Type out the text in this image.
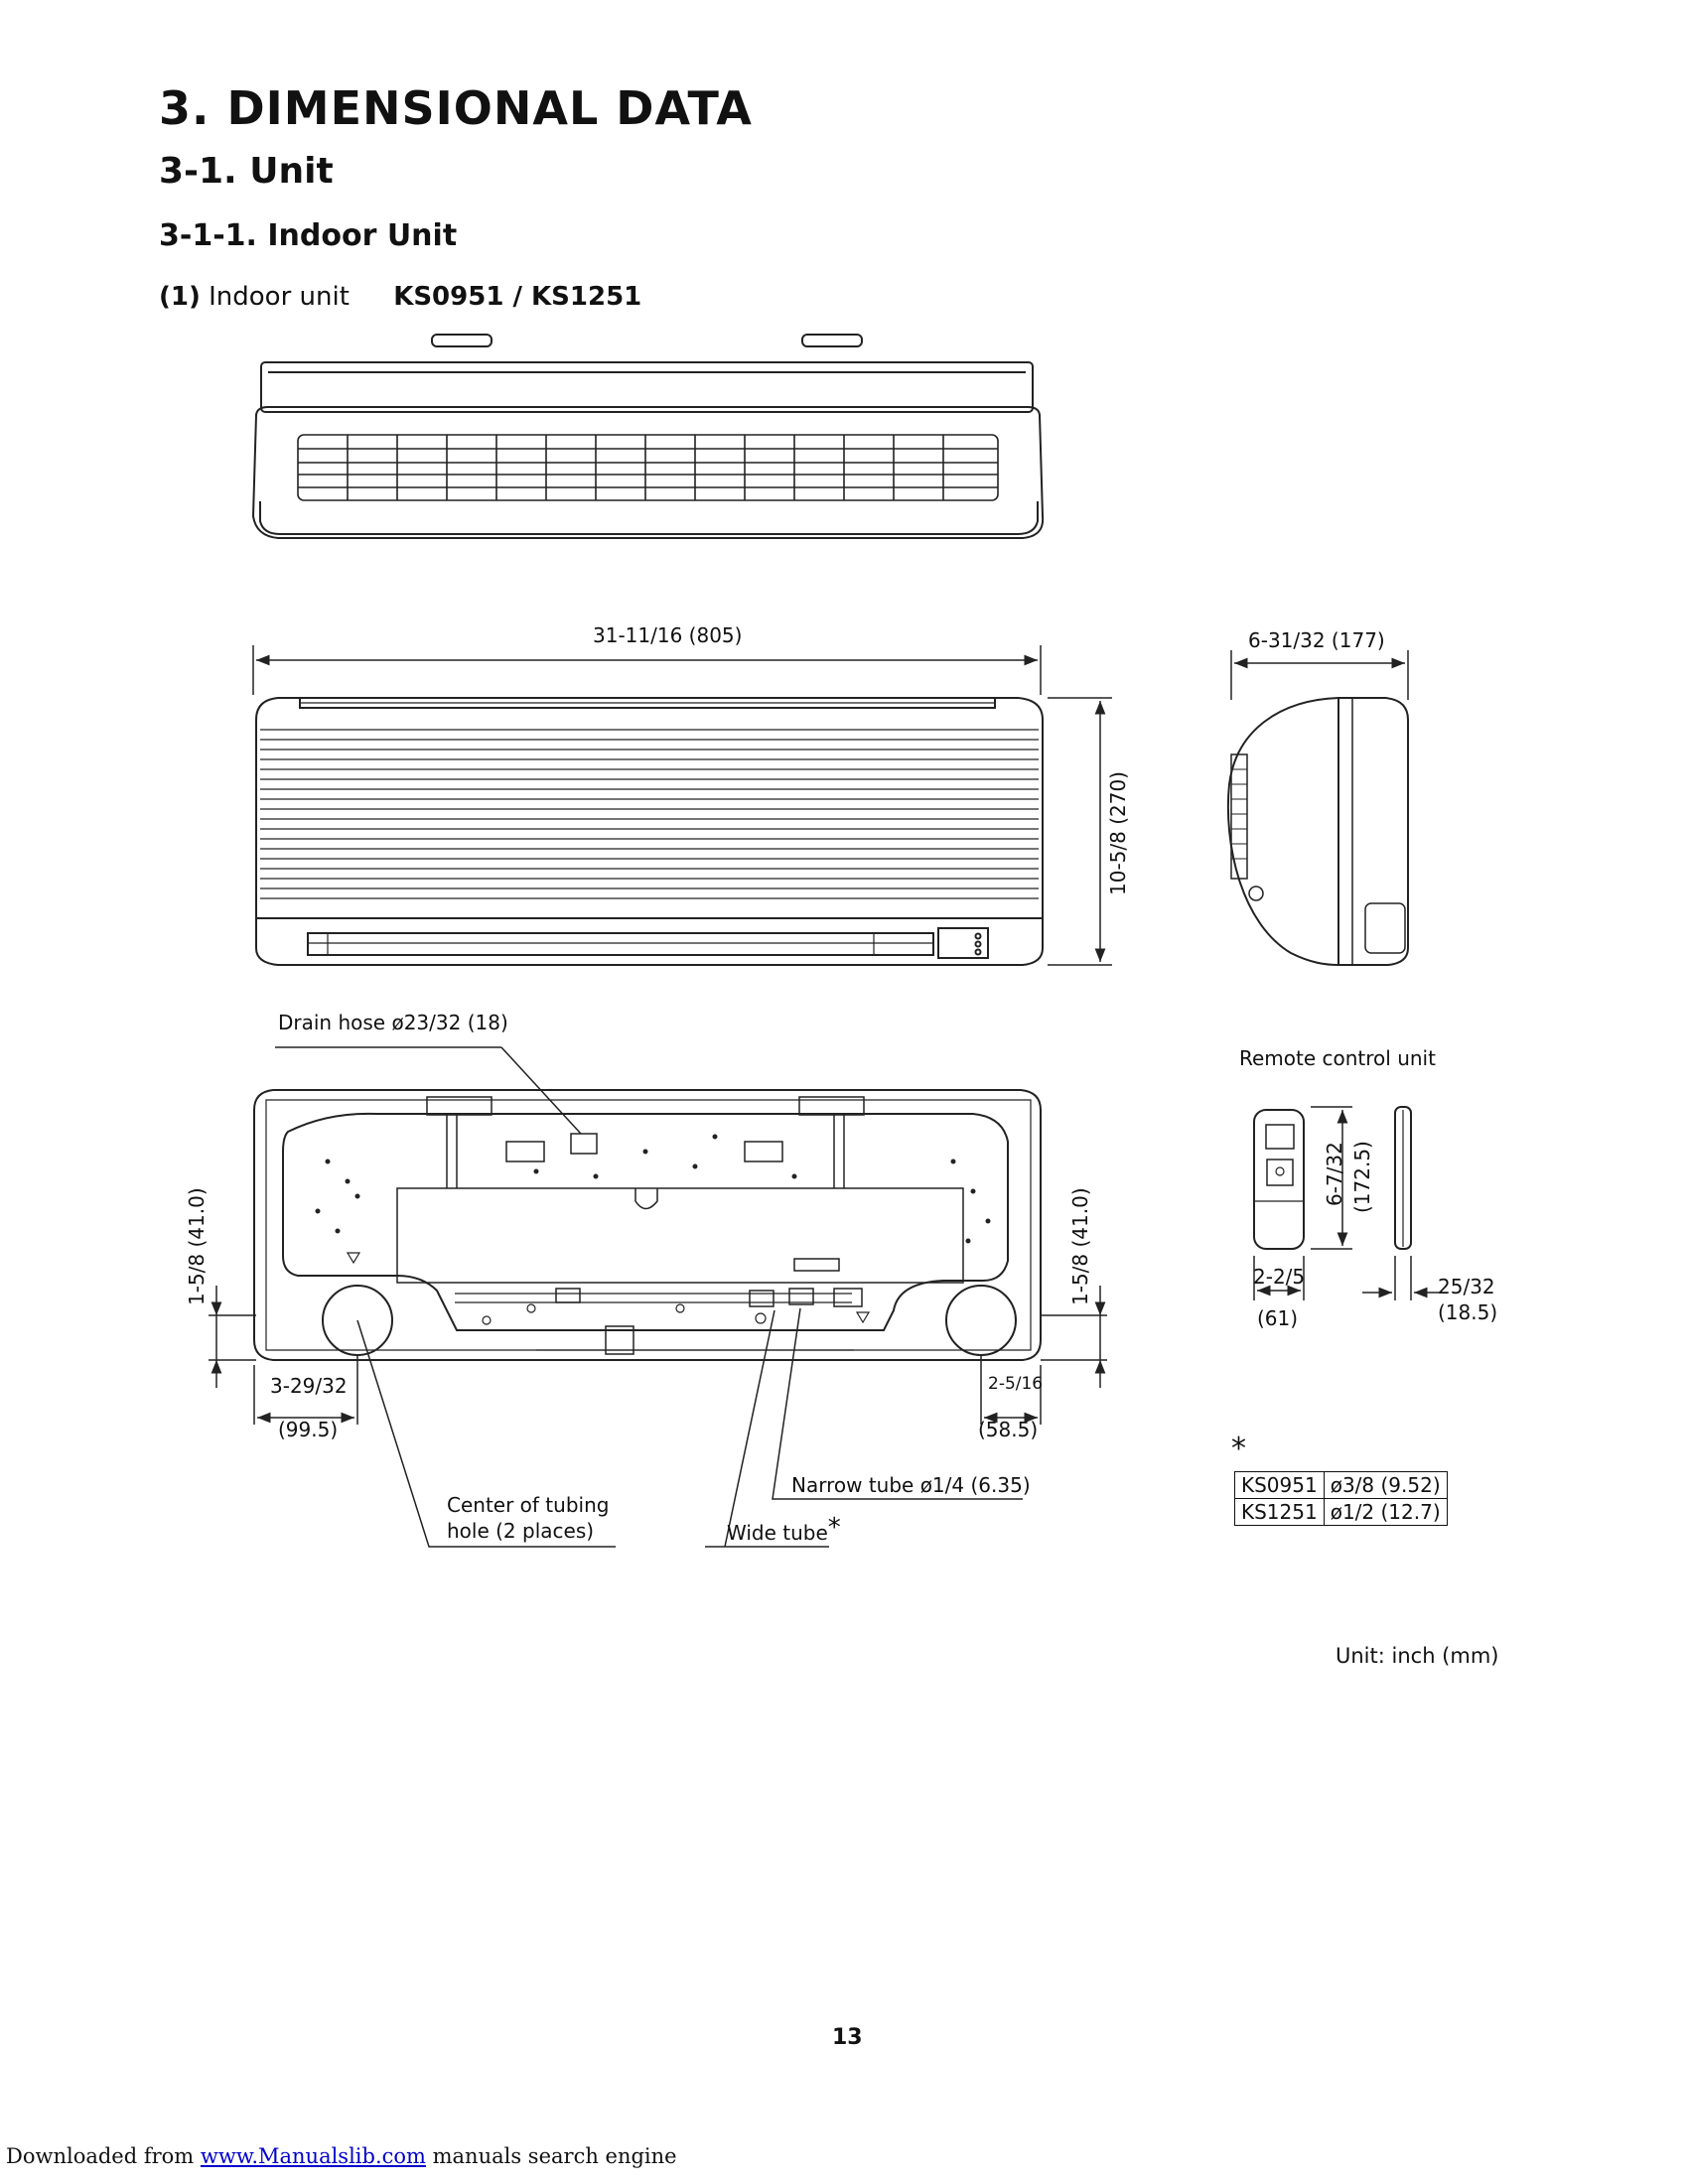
3. DIMENSIONAL DATA
3-1. Unit
3-1-1. Indoor Unit
(1) Indoor unit KS0951 / KS1251
31-11/16 (805)	6-31/32 (177)
10-5/8 (270)
1-5/8 (41.0)	1-5/8 (41.0)
3-29/32
(99.5)
2-5/16
(58.5)
Drain hose ø23/32 (18)
Narrow tube ø1/4 (6.35)
Wide tube*
Center of tubing
hole (2 places)
Remote control unit
6-7/32 (172.5)
2-2/5
(61)
25/32
(18.5)
*
KS0951	ø3/8 (9.52)
KS1251	ø1/2 (12.7)
Unit: inch (mm)
13
Downloaded from www.Manualslib.com manuals search engine
